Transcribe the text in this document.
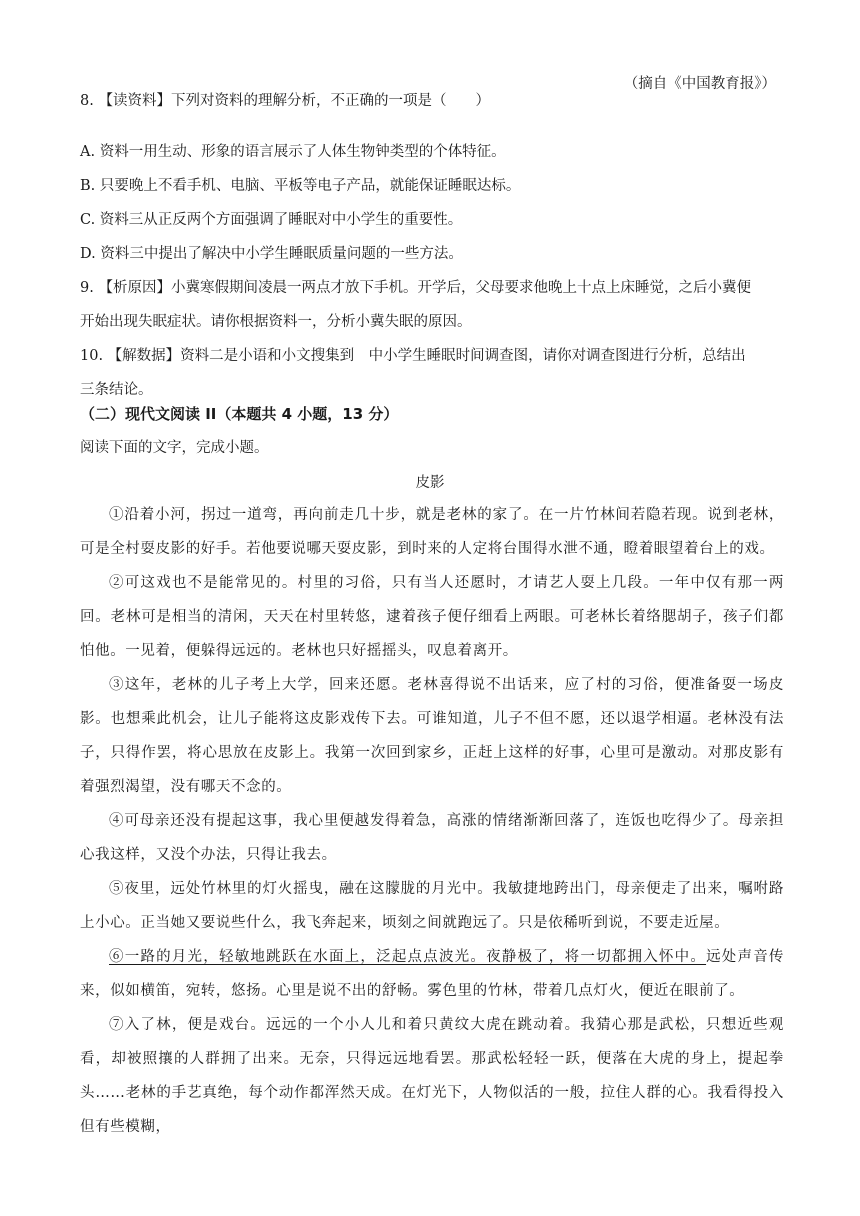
（摘自《中国教育报》）
8. 【读资料】下列对资料的理解分析，不正确的一项是（　　）
A. 资料一用生动、形象的语言展示了人体生物钟类型的个体特征。
B. 只要晚上不看手机、电脑、平板等电子产品，就能保证睡眠达标。
C. 资料三从正反两个方面强调了睡眠对中小学生的重要性。
D. 资料三中提出了解决中小学生睡眠质量问题的一些方法。
9. 【析原因】小冀寒假期间凌晨一两点才放下手机。开学后，父母要求他晚上十点上床睡觉，之后小冀便
开始出现失眠症状。请你根据资料一，分析小冀失眠的原因。
10. 【解数据】资料二是小语和小文搜集到　中小学生睡眠时间调查图，请你对调查图进行分析，总结出
三条结论。
（二）现代文阅读 II（本题共 4 小题，13 分）
阅读下面的文字，完成小题。
皮影
①沿着小河，拐过一道弯，再向前走几十步，就是老林的家了。在一片竹林间若隐若现。说到老林，可是全村耍皮影的好手。若他要说哪天耍皮影，到时来的人定将台围得水泄不通，瞪着眼望着台上的戏。
②可这戏也不是能常见的。村里的习俗，只有当人还愿时，才请艺人耍上几段。一年中仅有那一两回。老林可是相当的清闲，天天在村里转悠，逮着孩子便仔细看上两眼。可老林长着络腮胡子，孩子们都怕他。一见着，便躲得远远的。老林也只好摇摇头，叹息着离开。
③这年，老林的儿子考上大学，回来还愿。老林喜得说不出话来，应了村的习俗，便准备耍一场皮影。也想乘此机会，让儿子能将这皮影戏传下去。可谁知道，儿子不但不愿，还以退学相逼。老林没有法子，只得作罢，将心思放在皮影上。我第一次回到家乡，正赶上这样的好事，心里可是激动。对那皮影有着强烈渴望，没有哪天不念的。
④可母亲还没有提起这事，我心里便越发得着急，高涨的情绪渐渐回落了，连饭也吃得少了。母亲担心我这样，又没个办法，只得让我去。
⑤夜里，远处竹林里的灯火摇曳，融在这朦胧的月光中。我敏捷地跨出门，母亲便走了出来，嘱咐路上小心。正当她又要说些什么，我飞奔起来，顷刻之间就跑远了。只是依稀听到说，不要走近屋。
⑥一路的月光，轻敏地跳跃在水面上，泛起点点波光。夜静极了，将一切都拥入怀中。远处声音传来，似如横笛，宛转，悠扬。心里是说不出的舒畅。雾色里的竹林，带着几点灯火，便近在眼前了。
⑦入了林，便是戏台。远远的一个小人儿和着只黄纹大虎在跳动着。我猜心那是武松，只想近些观看，却被照攘的人群拥了出来。无奈，只得远远地看罢。那武松轻轻一跃，便落在大虎的身上，提起拳头……老林的手艺真绝，每个动作都浑然天成。在灯光下，人物似活的一般，拉住人群的心。我看得投入但有些模糊，
